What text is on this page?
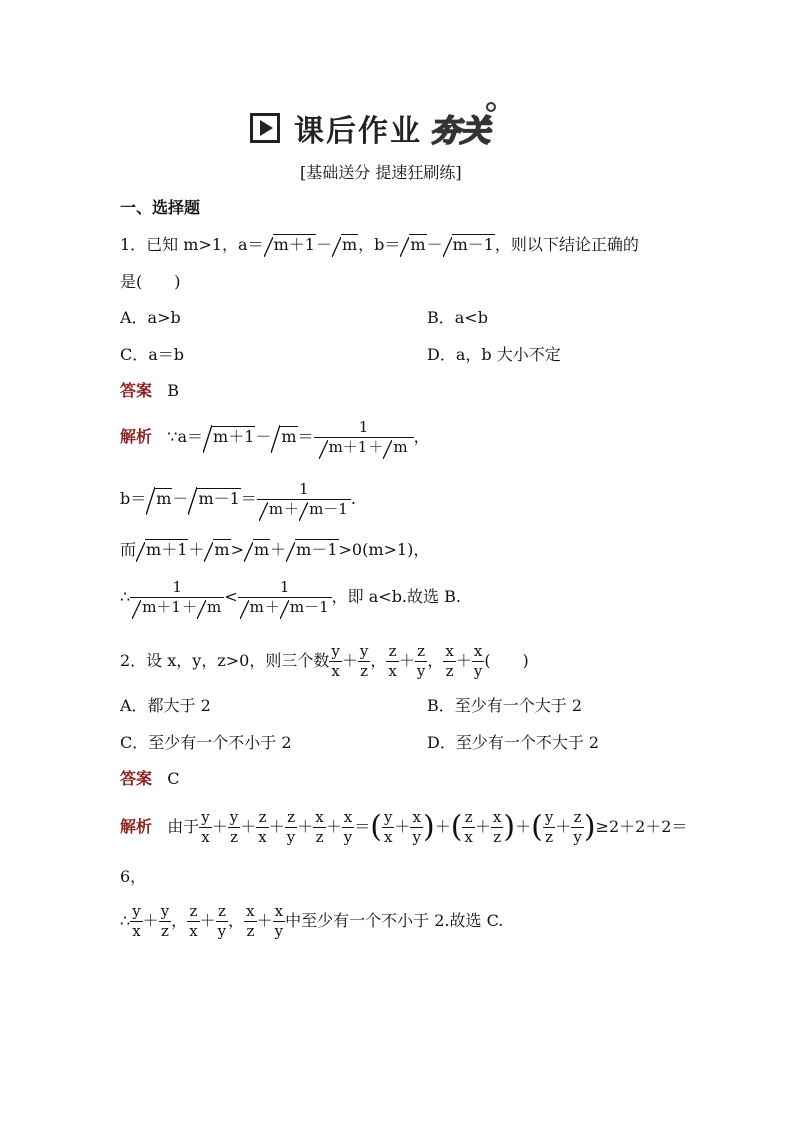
课后作业 夯关
[基础送分 提速狂刷练]
一、选择题
1．已知 m>1，a＝ m＋1－ m，b＝ m－ m－1，则以下结论正确的
是(　　)
A．a>b	B．a<b
C．a＝b	D．a，b 大小不定
答案 B
解析 ∵a＝ $m+1- m= \frac{1}{m+1+ m}$ ，
$b= m- m-1= \frac{1}{m+ m-1}$ .
而 m＋1＋ m> m＋ m－1>0(m>1)，
∴ $\frac{1}{m+1+ m} < \frac{1}{m+ m-1}$ ，即 a<b.故选 B.
2．设 x，y，z>0，则三个数 $\frac{y}{x} + \frac{y}{z}$ ， $\frac{z}{x} + \frac{z}{y}$ ， $\frac{x}{z} + \frac{x}{y}$ (　　)
A．都大于 2	B．至少有一个大于 2
C．至少有一个不小于 2	D．至少有一个不大于 2
答案 C
解析 由于 $\frac{y}{x} + \frac{y}{z} + \frac{z}{x} + \frac{z}{y} + \frac{x}{z} + \frac{x}{y}$ ＝( $\frac{y}{x} + \frac{x}{y}$ )＋( $\frac{z}{x} + \frac{x}{z}$ )＋( $\frac{y}{z} + \frac{z}{y} )\ge 2+2+2=$
6，
∴ $\frac{y}{x} + \frac{y}{z}$ ， $\frac{z}{x} + \frac{z}{y}$ ， $\frac{x}{z} + \frac{x}{y}$ 中至少有一个不小于 2.故选 C.
